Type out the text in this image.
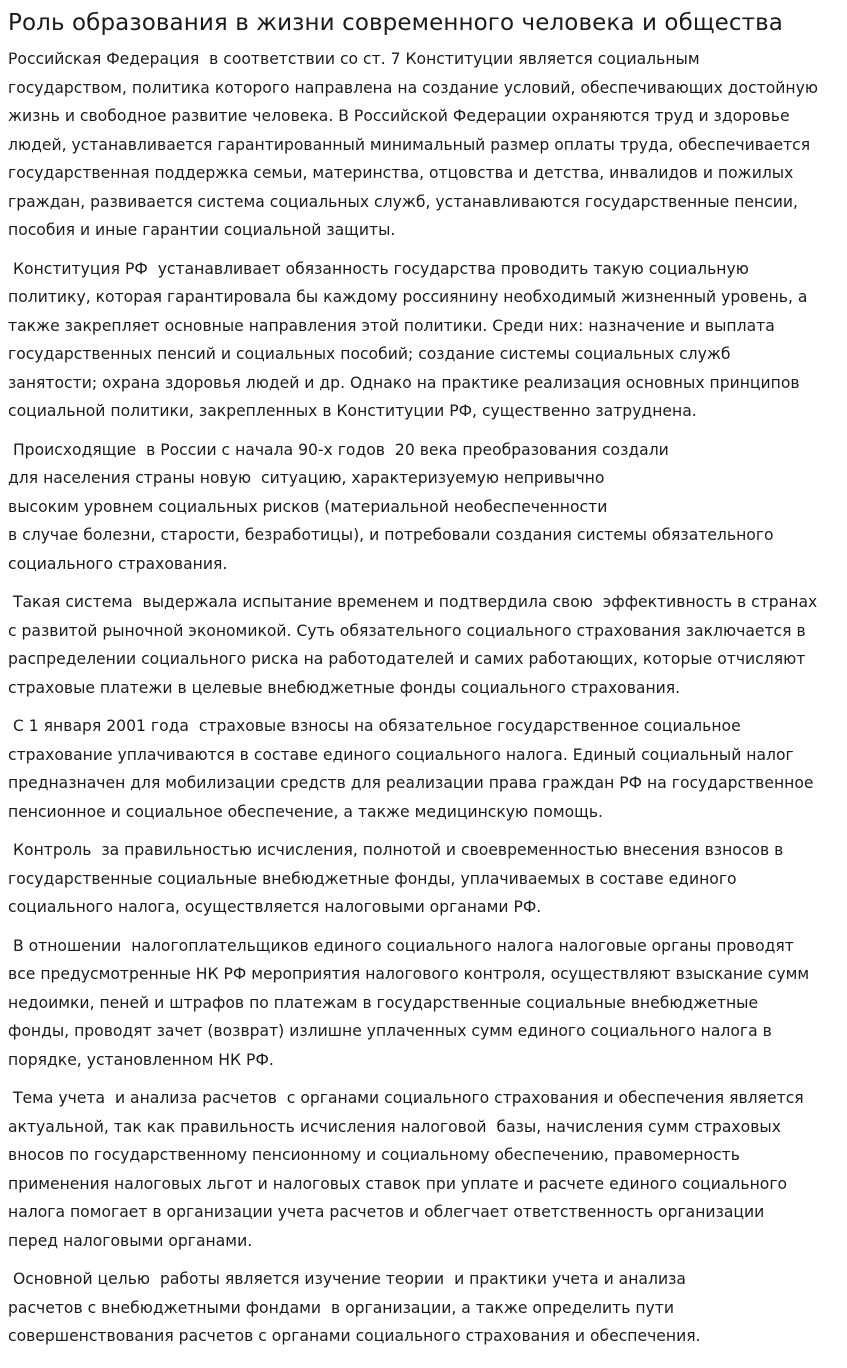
Роль образования в жизни современного человека и общества

Российская Федерация  в соответствии со ст. 7 Конституции является социальным
государством, политика которого направлена на создание условий, обеспечивающих достойную
жизнь и свободное развитие человека. В Российской Федерации охраняются труд и здоровье
людей, устанавливается гарантированный минимальный размер оплаты труда, обеспечивается
государственная поддержка семьи, материнства, отцовства и детства, инвалидов и пожилых
граждан, развивается система социальных служб, устанавливаются государственные пенсии,
пособия и иные гарантии социальной защиты.

Конституция РФ  устанавливает обязанность государства проводить такую социальную
политику, которая гарантировала бы каждому россиянину необходимый жизненный уровень, а
также закрепляет основные направления этой политики. Среди них: назначение и выплата
государственных пенсий и социальных пособий; создание системы социальных служб
занятости; охрана здоровья людей и др. Однако на практике реализация основных принципов
социальной политики, закрепленных в Конституции РФ, существенно затруднена.

Происходящие  в России с начала 90-х годов  20 века преобразования создали
для населения страны новую  ситуацию, характеризуемую непривычно
высоким уровнем социальных рисков (материальной необеспеченности
в случае болезни, старости, безработицы), и потребовали создания системы обязательного
социального страхования.

Такая система  выдержала испытание временем и подтвердила свою  эффективность в странах
с развитой рыночной экономикой. Суть обязательного социального страхования заключается в
распределении социального риска на работодателей и самих работающих, которые отчисляют
страховые платежи в целевые внебюджетные фонды социального страхования.

С 1 января 2001 года  страховые взносы на обязательное государственное социальное
страхование уплачиваются в составе единого социального налога. Единый социальный налог
предназначен для мобилизации средств для реализации права граждан РФ на государственное
пенсионное и социальное обеспечение, а также медицинскую помощь.

Контроль  за правильностью исчисления, полнотой и своевременностью внесения взносов в
государственные социальные внебюджетные фонды, уплачиваемых в составе единого
социального налога, осуществляется налоговыми органами РФ.

В отношении  налогоплательщиков единого социального налога налоговые органы проводят
все предусмотренные НК РФ мероприятия налогового контроля, осуществляют взыскание сумм
недоимки, пеней и штрафов по платежам в государственные социальные внебюджетные
фонды, проводят зачет (возврат) излишне уплаченных сумм единого социального налога в
порядке, установленном НК РФ.

Тема учета  и анализа расчетов  с органами социального страхования и обеспечения является
актуальной, так как правильность исчисления налоговой  базы, начисления сумм страховых
вносов по государственному пенсионному и социальному обеспечению, правомерность
применения налоговых льгот и налоговых ставок при уплате и расчете единого социального
налога помогает в организации учета расчетов и облегчает ответственность организации
перед налоговыми органами.

Основной целью  работы является изучение теории  и практики учета и анализа
расчетов с внебюджетными фондами  в организации, а также определить пути
совершенствования расчетов с органами социального страхования и обеспечения.
